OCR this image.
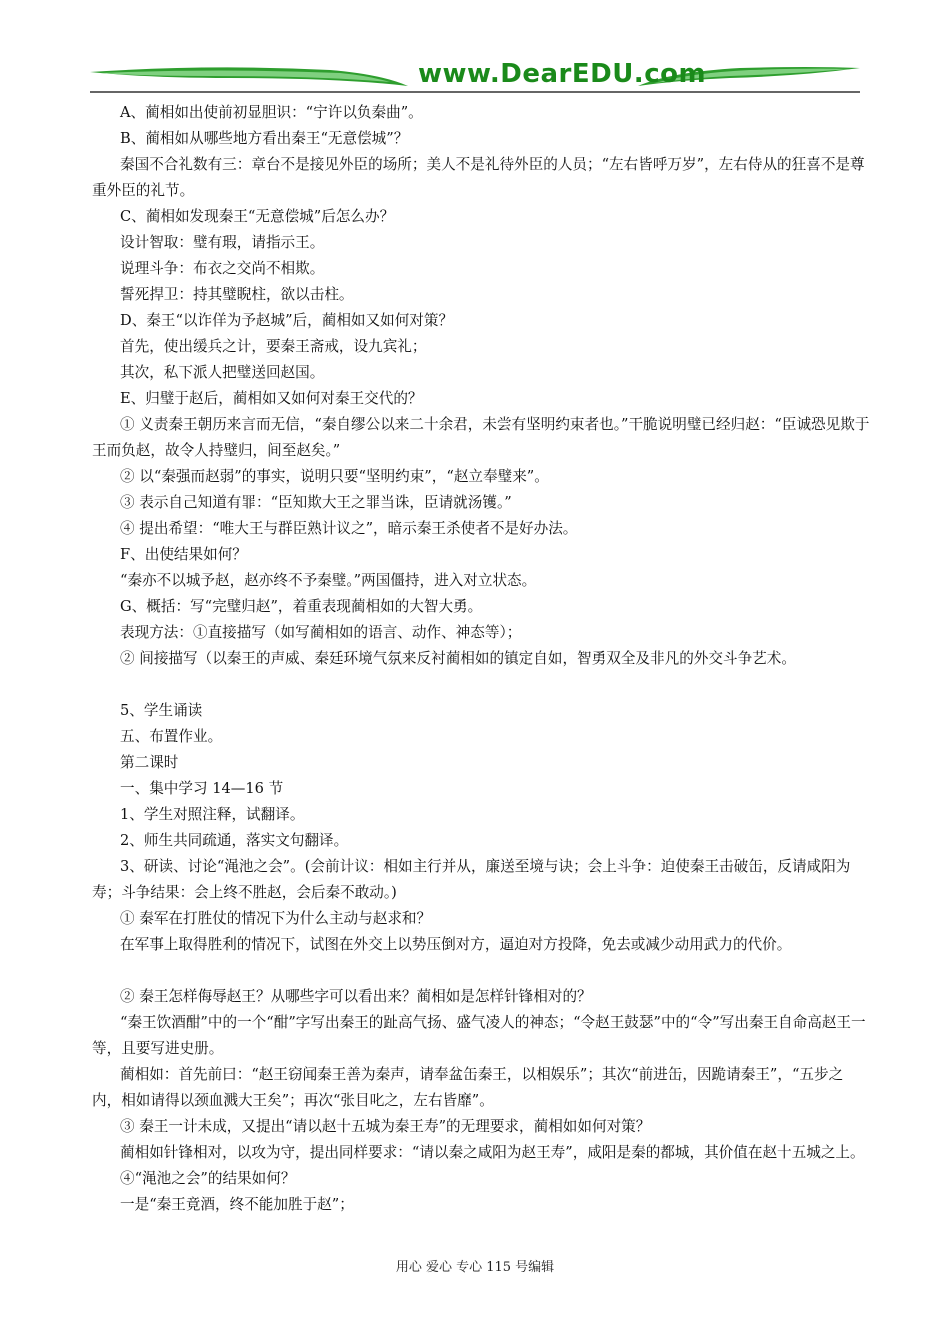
www.DearEDU.com

A、蔺相如出使前初显胆识：“宁许以负秦曲”。

B、蔺相如从哪些地方看出秦王“无意偿城”？

秦国不合礼数有三：章台不是接见外臣的场所；美人不是礼待外臣的人员；“左右皆呼万岁”，左右侍从的狂喜不是尊重外臣的礼节。

C、蔺相如发现秦王“无意偿城”后怎么办？

设计智取：璧有瑕，请指示王。

说理斗争：布衣之交尚不相欺。

誓死捍卫：持其璧睨柱，欲以击柱。

D、秦王“以诈佯为予赵城”后，蔺相如又如何对策？

首先，使出缓兵之计，要秦王斋戒，设九宾礼；

其次，私下派人把璧送回赵国。

E、归璧于赵后，蔺相如又如何对秦王交代的？

① 义责秦王朝历来言而无信，“秦自缪公以来二十余君，未尝有坚明约束者也。”干脆说明璧已经归赵：“臣诚恐见欺于王而负赵，故令人持璧归，间至赵矣。”

② 以“秦强而赵弱”的事实，说明只要“坚明约束”，“赵立奉璧来”。

③ 表示自己知道有罪：“臣知欺大王之罪当诛，臣请就汤镬。”

④ 提出希望：“唯大王与群臣熟计议之”，暗示秦王杀使者不是好办法。

F、出使结果如何？

“秦亦不以城予赵，赵亦终不予秦璧。”两国僵持，进入对立状态。

G、概括：写“完璧归赵”，着重表现蔺相如的大智大勇。

表现方法：①直接描写（如写蔺相如的语言、动作、神态等）；

② 间接描写（以秦王的声威、秦廷环境气氛来反衬蔺相如的镇定自如，智勇双全及非凡的外交斗争艺术。

5、学生诵读

五、布置作业。

第二课时

一、集中学习 14—16 节

1、学生对照注释，试翻译。

2、师生共同疏通，落实文句翻译。

3、研读、讨论“渑池之会”。(会前计议：相如主行并从，廉送至境与诀；会上斗争：迫使秦王击破缶，反请咸阳为寿；斗争结果：会上终不胜赵，会后秦不敢动。)

① 秦军在打胜仗的情况下为什么主动与赵求和？

在军事上取得胜利的情况下，试图在外交上以势压倒对方，逼迫对方投降，免去或减少动用武力的代价。

② 秦王怎样侮辱赵王？从哪些字可以看出来？蔺相如是怎样针锋相对的？

“秦王饮酒酣”中的一个“酣”字写出秦王的趾高气扬、盛气凌人的神态；“令赵王鼓瑟”中的“令”写出秦王自命高赵王一等，且要写进史册。

蔺相如：首先前曰：“赵王窃闻秦王善为秦声，请奉盆缶秦王，以相娱乐”；其次“前进缶，因跪请秦王”，“五步之内，相如请得以颈血溅大王矣”；再次“张目叱之，左右皆靡”。

③ 秦王一计未成，又提出“请以赵十五城为秦王寿”的无理要求，蔺相如如何对策？

蔺相如针锋相对，以攻为守，提出同样要求：“请以秦之咸阳为赵王寿”，咸阳是秦的都城，其价值在赵十五城之上。

④“渑池之会”的结果如何？

一是“秦王竟酒，终不能加胜于赵”；

用心 爱心 专心 115 号编辑
